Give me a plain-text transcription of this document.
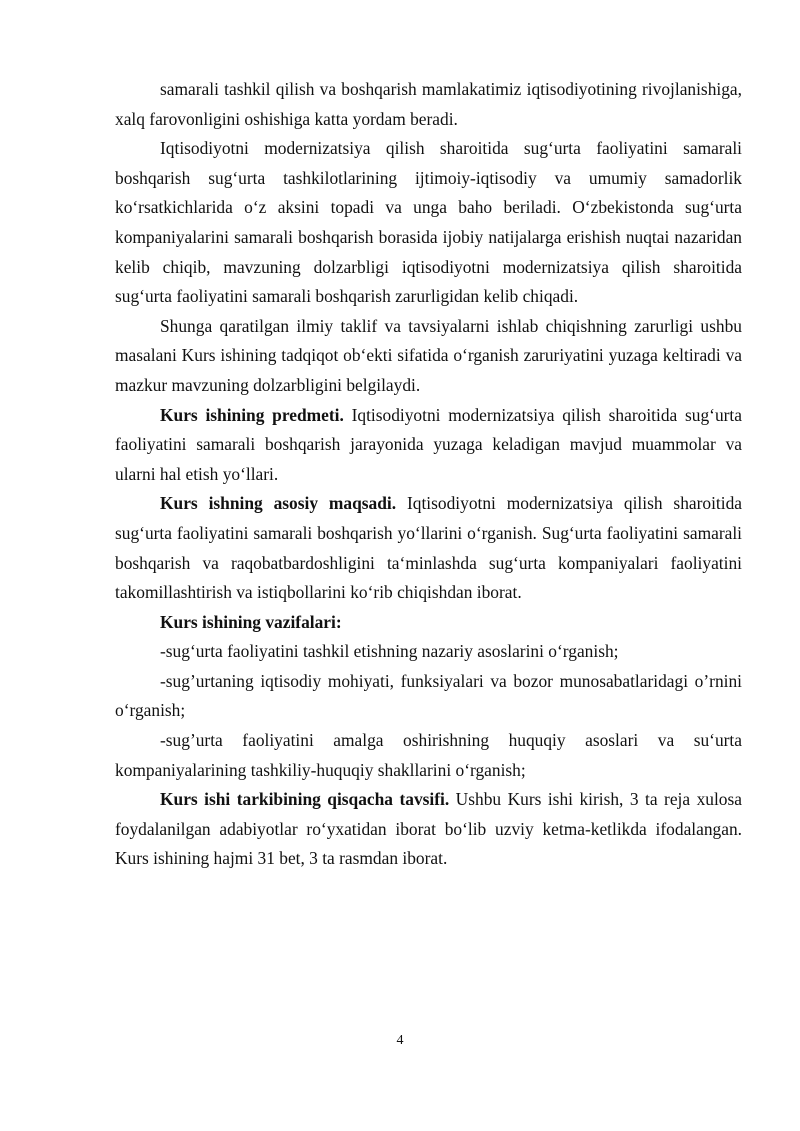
samarali tashkil qilish va boshqarish mamlakatimiz iqtisodiyotining rivojlanishiga, xalq farovonligini oshishiga katta yordam beradi.

Iqtisodiyotni modernizatsiya qilish sharoitida sug‘urta faoliyatini samarali boshqarish sug‘urta tashkilotlarining ijtimoiy-iqtisodiy va umumiy samadorlik ko‘rsatkichlarida o‘z aksini topadi va unga baho beriladi. O‘zbekistonda sug‘urta kompaniyalarini samarali boshqarish borasida ijobiy natijalarga erishish nuqtai nazaridan kelib chiqib, mavzuning dolzarbligi iqtisodiyotni modernizatsiya qilish sharoitida sug‘urta faoliyatini samarali boshqarish zarurligidan kelib chiqadi.

Shunga qaratilgan ilmiy taklif va tavsiyalarni ishlab chiqishning zarurligi ushbu masalani Kurs ishining tadqiqot ob‘ekti sifatida o‘rganish zaruriyatini yuzaga keltiradi va mazkur mavzuning dolzarbligini belgilaydi.

Kurs ishining predmeti. Iqtisodiyotni modernizatsiya qilish sharoitida sug‘urta faoliyatini samarali boshqarish jarayonida yuzaga keladigan mavjud muammolar va ularni hal etish yo‘llari.

Kurs ishning asosiy maqsadi. Iqtisodiyotni modernizatsiya qilish sharoitida sug‘urta faoliyatini samarali boshqarish yo‘llarini o‘rganish. Sug‘urta faoliyatini samarali boshqarish va raqobatbardoshligini ta‘minlashda sug‘urta kompaniyalari faoliyatini takomillashtirish va istiqbollarini ko‘rib chiqishdan iborat.

Kurs ishining vazifalari:

-sug‘urta faoliyatini tashkil etishning nazariy asoslarini o‘rganish;

-sug’urtaning iqtisodiy mohiyati, funksiyalari va bozor munosabatlaridagi o’rnini o‘rganish;

-sug’urta faoliyatini amalga oshirishning huquqiy asoslari va su‘urta kompaniyalarining tashkiliy-huquqiy shakllarini o‘rganish;

Kurs ishi tarkibining qisqacha tavsifi. Ushbu Kurs ishi kirish, 3 ta reja xulosa foydalanilgan adabiyotlar ro‘yxatidan iborat bo‘lib uzviy ketma-ketlikda ifodalangan. Kurs ishining hajmi 31 bet, 3 ta rasmdan iborat.

4
